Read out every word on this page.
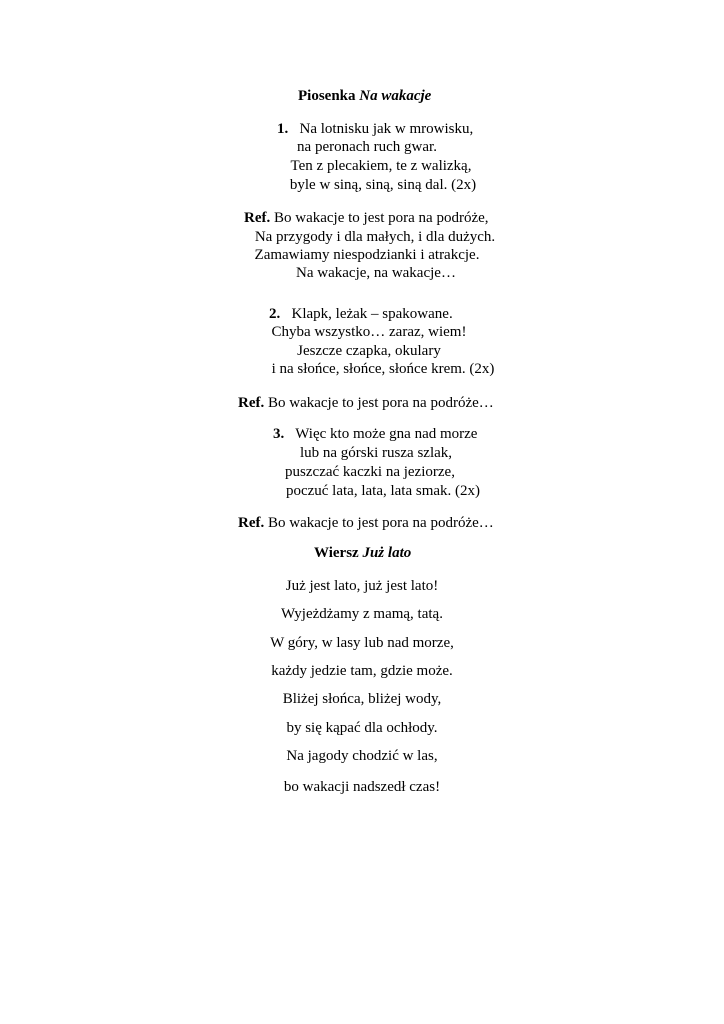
Piosenka Na wakacje
1. Na lotnisku jak w mrowisku,
na peronach ruch gwar.
Ten z plecakiem, te z walizką,
byle w siną, siną, siną dal. (2x)
Ref. Bo wakacje to jest pora na podróże,
Na przygody i dla małych, i dla dużych.
Zamawiamy niespodzianki i atrakcje.
Na wakacje, na wakacje…
2. Klapk, leżak – spakowane.
Chyba wszystko… zaraz, wiem!
Jeszcze czapka, okulary
i na słońce, słońce, słońce krem. (2x)
Ref. Bo wakacje to jest pora na podróże…
3. Więc kto może gna nad morze
lub na górski rusza szlak,
puszczać kaczki na jeziorze,
poczuć lata, lata, lata smak. (2x)
Ref. Bo wakacje to jest pora na podróże…
Wiersz Już lato
Już jest lato, już jest lato!
Wyjeżdżamy z mamą, tatą.
W góry, w lasy lub nad morze,
każdy jedzie tam, gdzie może.
Bliżej słońca, bliżej wody,
by się kąpać dla ochłody.
Na jagody chodzić w las,
bo wakacji nadszedł czas!
